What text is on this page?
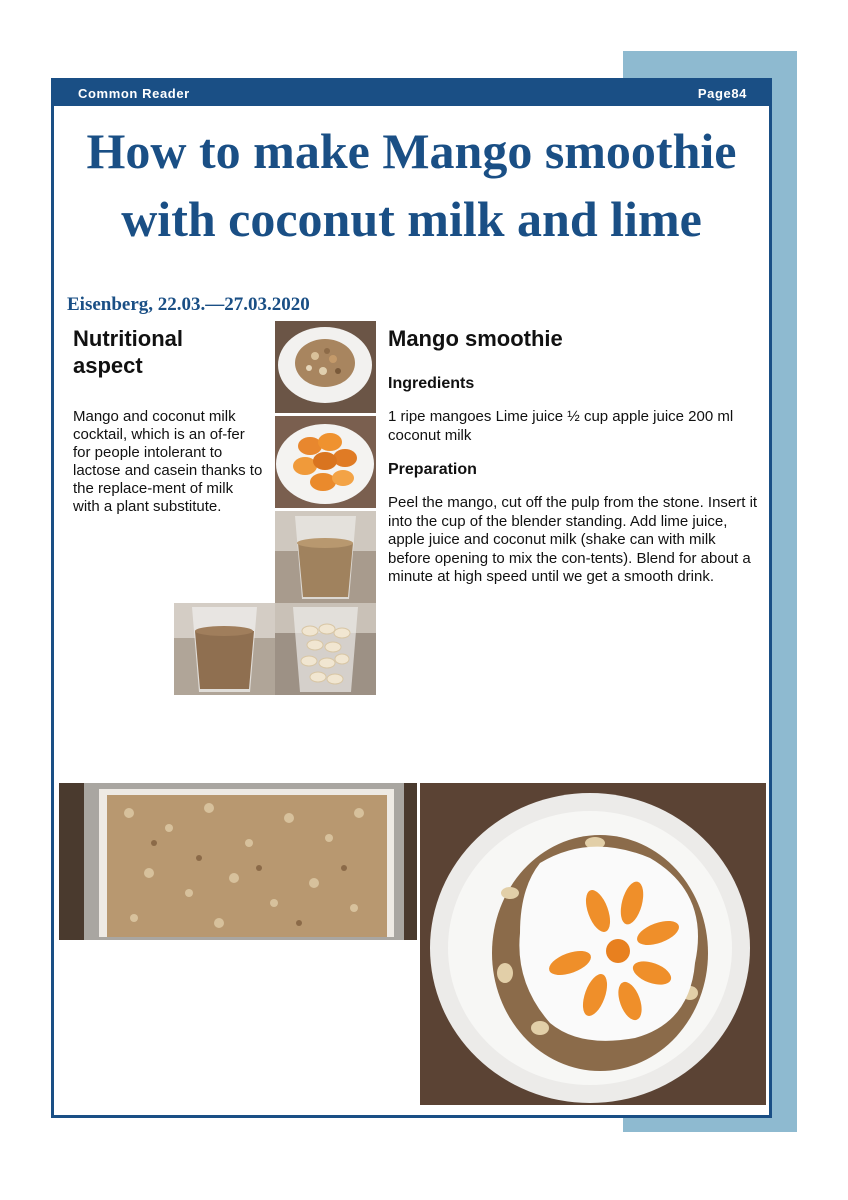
Common Reader	Page84
How to make Mango smoothie with coconut milk and lime
Eisenberg, 22.03.—27.03.2020
Nutritional aspect
Mango and coconut milk cocktail, which is an of-fer for people intolerant to lactose and casein thanks to the replace-ment of milk with a plant substitute.
Mango smoothie
Ingredients
1 ripe mangoes Lime juice ½ cup apple juice 200 ml coconut milk
Preparation
Peel the mango, cut off the pulp from the stone. Insert it into the cup of the blender standing. Add lime juice, apple juice and coconut milk (shake can with milk before opening to mix the con-tents). Blend for about a minute at high speed until we get a smooth drink.
